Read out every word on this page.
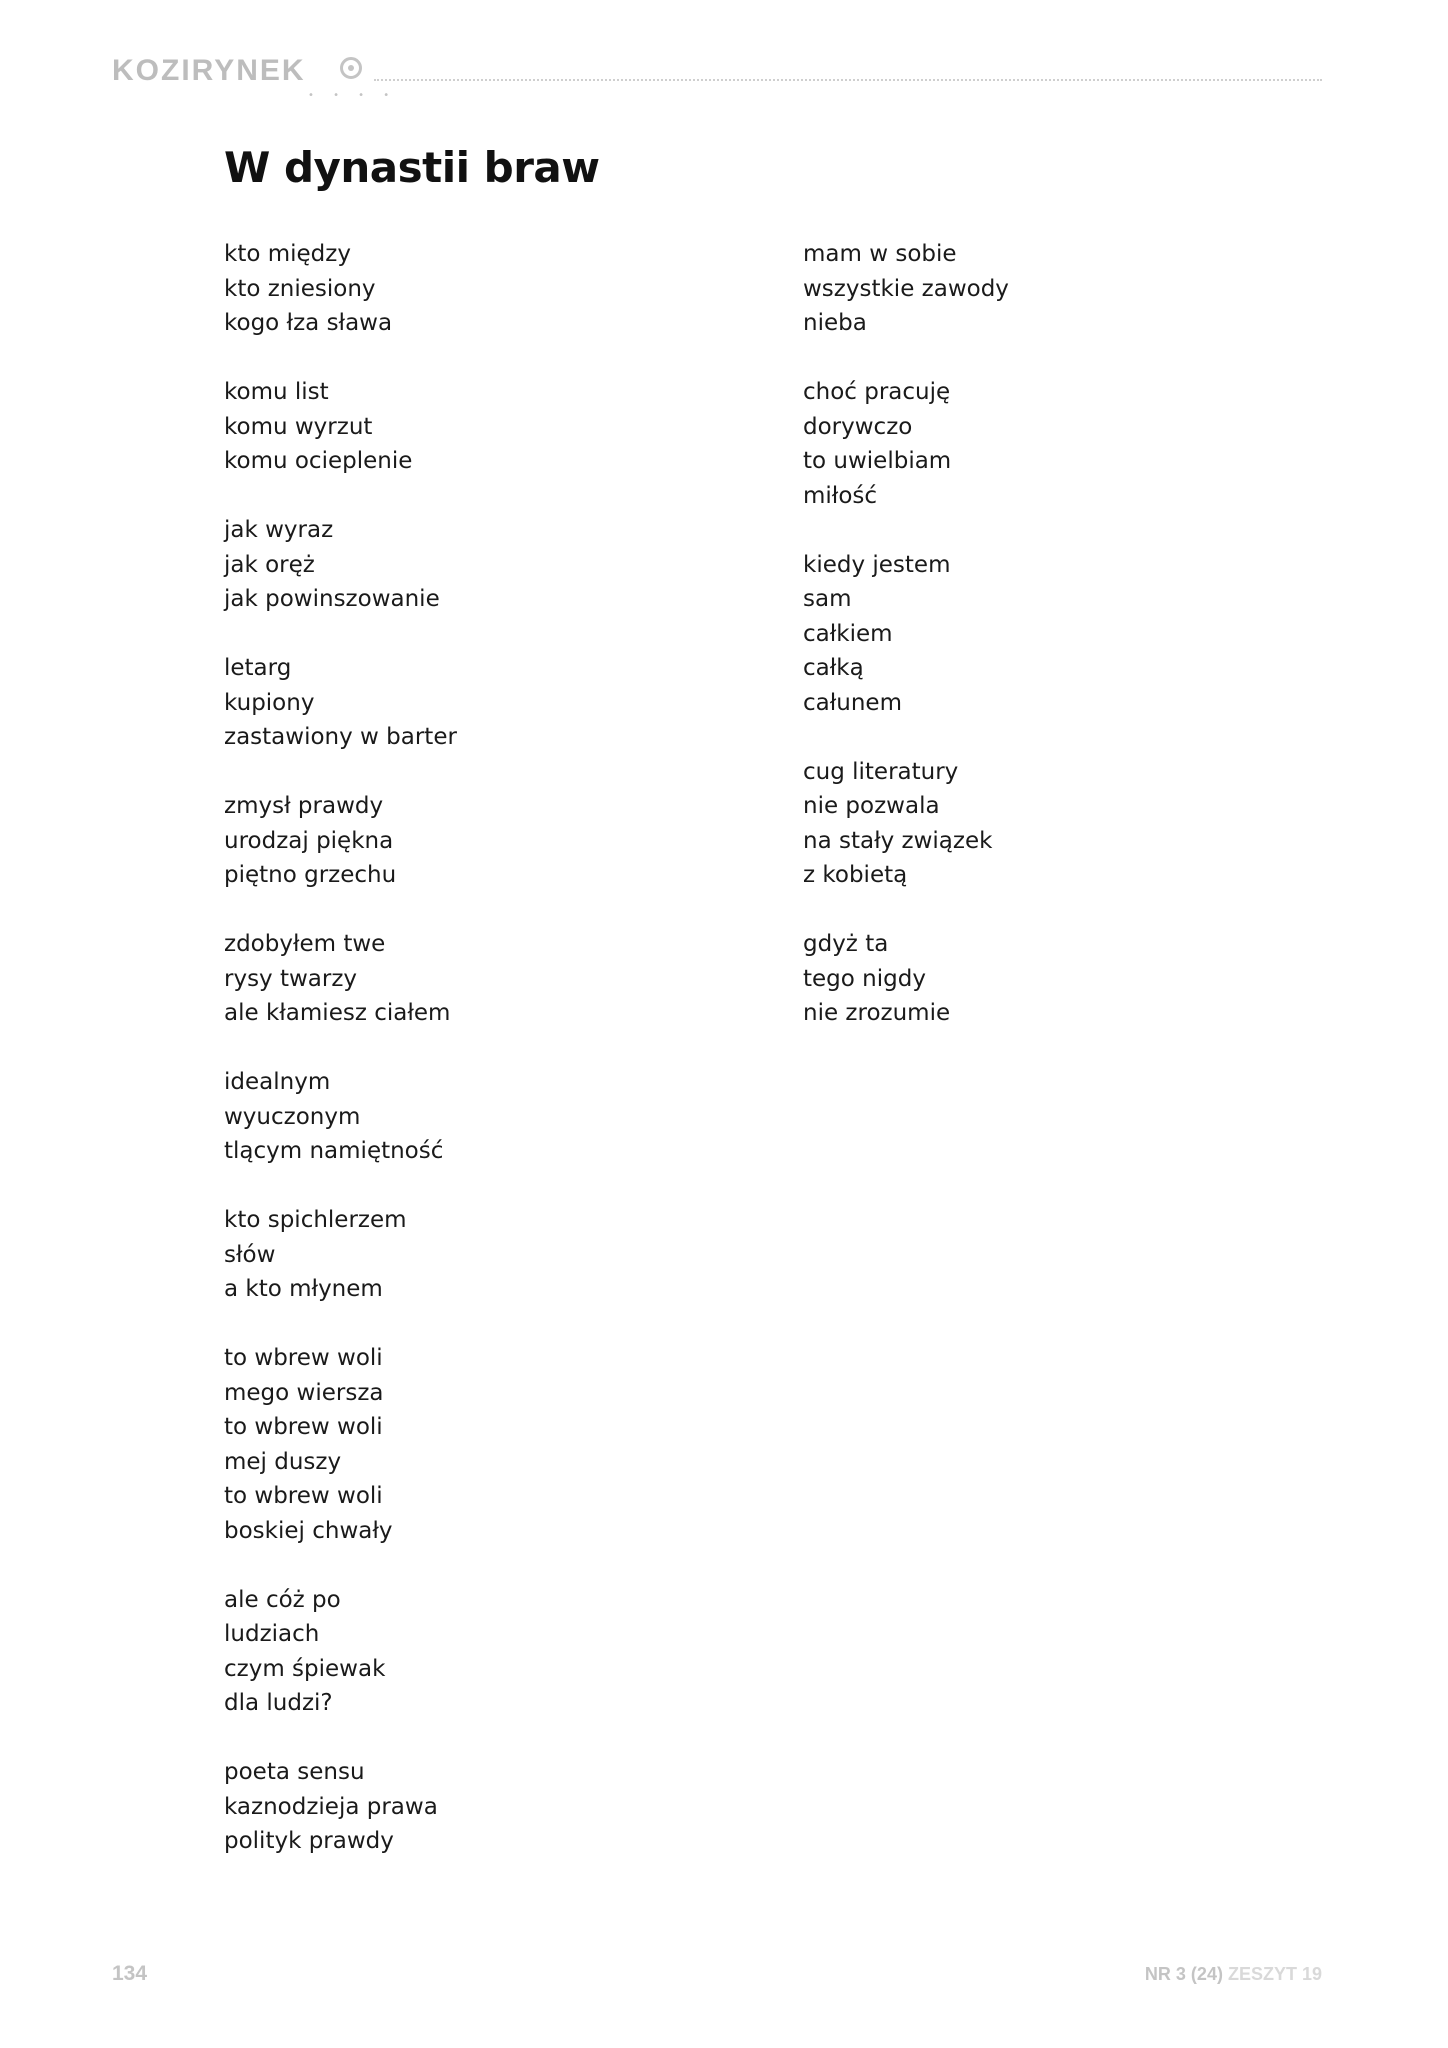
KOZIRYNEK
• • • •
W dynastii braw
kto między
kto zniesiony
kogo łza sława
komu list
komu wyrzut
komu ocieplenie
jak wyraz
jak oręż
jak powinszowanie
letarg
kupiony
zastawiony w barter
zmysł prawdy
urodzaj piękna
piętno grzechu
zdobyłem twe
rysy twarzy
ale kłamiesz ciałem
idealnym
wyuczonym
tlącym namiętność
kto spichlerzem
słów
a kto młynem
to wbrew woli
mego wiersza
to wbrew woli
mej duszy
to wbrew woli
boskiej chwały
ale cóż po
ludziach
czym śpiewak
dla ludzi?
poeta sensu
kaznodzieja prawa
polityk prawdy
mam w sobie
wszystkie zawody
nieba
choć pracuję
dorywczo
to uwielbiam
miłość
kiedy jestem
sam
całkiem
całką
całunem
cug literatury
nie pozwala
na stały związek
z kobietą
gdyż ta
tego nigdy
nie zrozumie
134	NR 3 (24) ZESZYT 19
